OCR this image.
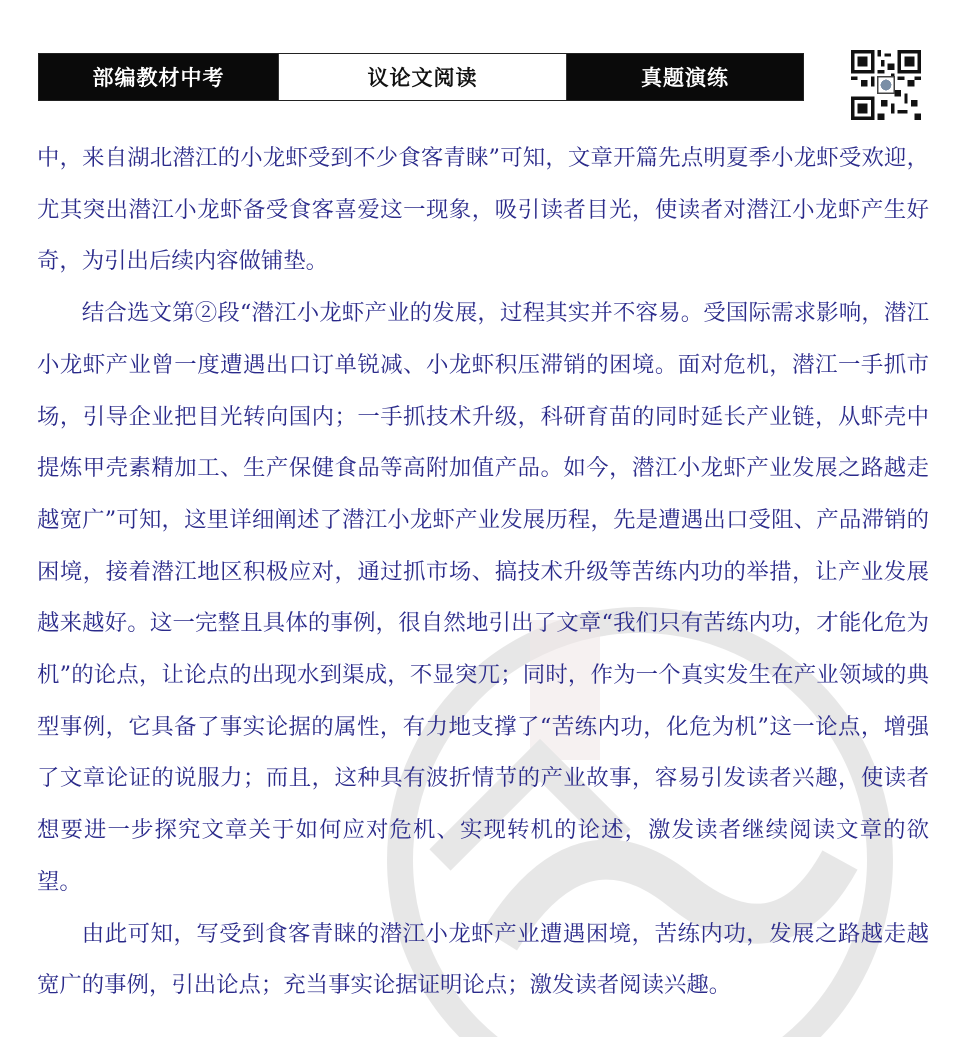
部编教材中考	议论文阅读	真题演练

中，来自湖北潜江的小龙虾受到不少食客青睐”可知，文章开篇先点明夏季小龙虾受欢迎，尤其突出潜江小龙虾备受食客喜爱这一现象，吸引读者目光，使读者对潜江小龙虾产生好奇，为引出后续内容做铺垫。

结合选文第②段“潜江小龙虾产业的发展，过程其实并不容易。受国际需求影响，潜江小龙虾产业曾一度遭遇出口订单锐减、小龙虾积压滞销的困境。面对危机，潜江一手抓市场，引导企业把目光转向国内；一手抓技术升级，科研育苗的同时延长产业链，从虾壳中提炼甲壳素精加工、生产保健食品等高附加值产品。如今，潜江小龙虾产业发展之路越走越宽广”可知，这里详细阐述了潜江小龙虾产业发展历程，先是遭遇出口受阻、产品滞销的困境，接着潜江地区积极应对，通过抓市场、搞技术升级等苦练内功的举措，让产业发展越来越好。这一完整且具体的事例，很自然地引出了文章“我们只有苦练内功，才能化危为机”的论点，让论点的出现水到渠成，不显突兀；同时，作为一个真实发生在产业领域的典型事例，它具备了事实论据的属性，有力地支撑了“苦练内功，化危为机”这一论点，增强了文章论证的说服力；而且，这种具有波折情节的产业故事，容易引发读者兴趣，使读者想要进一步探究文章关于如何应对危机、实现转机的论述，激发读者继续阅读文章的欲望。

由此可知，写受到食客青睐的潜江小龙虾产业遭遇困境，苦练内功，发展之路越走越宽广的事例，引出论点；充当事实论据证明论点；激发读者阅读兴趣。
